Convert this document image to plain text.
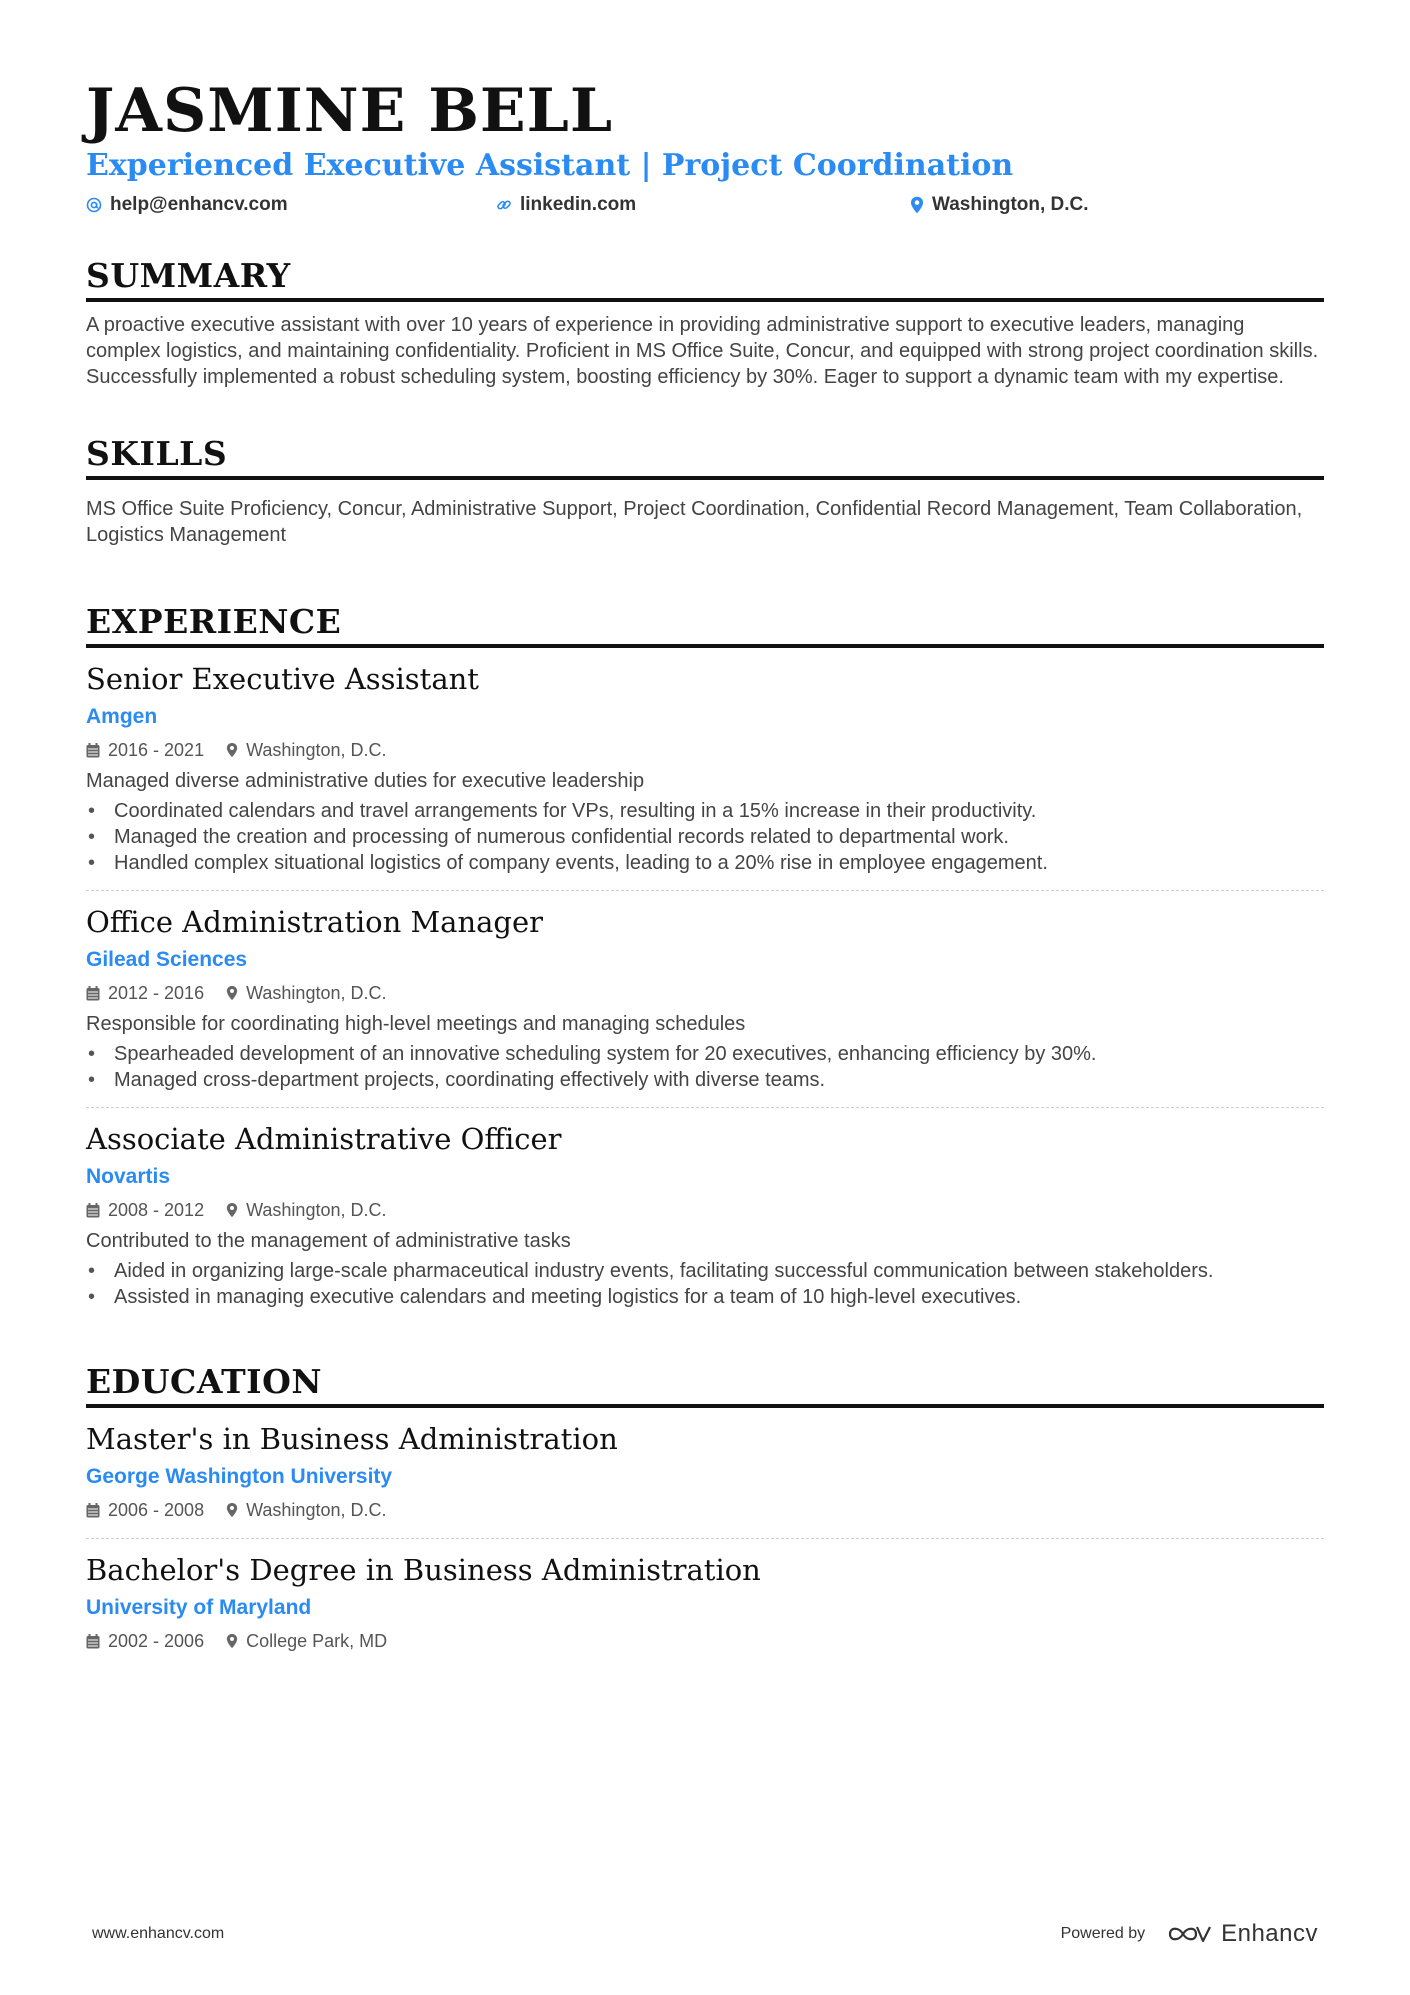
JASMINE BELL
Experienced Executive Assistant | Project Coordination
help@enhancv.com	linkedin.com	Washington, D.C.
SUMMARY
A proactive executive assistant with over 10 years of experience in providing administrative support to executive leaders, managing complex logistics, and maintaining confidentiality. Proficient in MS Office Suite, Concur, and equipped with strong project coordination skills. Successfully implemented a robust scheduling system, boosting efficiency by 30%. Eager to support a dynamic team with my expertise.
SKILLS
MS Office Suite Proficiency, Concur, Administrative Support, Project Coordination, Confidential Record Management, Team Collaboration, Logistics Management
EXPERIENCE
Senior Executive Assistant
Amgen
2016 - 2021 Washington, D.C.
Managed diverse administrative duties for executive leadership
• Coordinated calendars and travel arrangements for VPs, resulting in a 15% increase in their productivity.
• Managed the creation and processing of numerous confidential records related to departmental work.
• Handled complex situational logistics of company events, leading to a 20% rise in employee engagement.
Office Administration Manager
Gilead Sciences
2012 - 2016 Washington, D.C.
Responsible for coordinating high-level meetings and managing schedules
• Spearheaded development of an innovative scheduling system for 20 executives, enhancing efficiency by 30%.
• Managed cross-department projects, coordinating effectively with diverse teams.
Associate Administrative Officer
Novartis
2008 - 2012 Washington, D.C.
Contributed to the management of administrative tasks
• Aided in organizing large-scale pharmaceutical industry events, facilitating successful communication between stakeholders.
• Assisted in managing executive calendars and meeting logistics for a team of 10 high-level executives.
EDUCATION
Master's in Business Administration
George Washington University
2006 - 2008 Washington, D.C.
Bachelor's Degree in Business Administration
University of Maryland
2002 - 2006 College Park, MD
www.enhancv.com	Powered by	Enhancv
